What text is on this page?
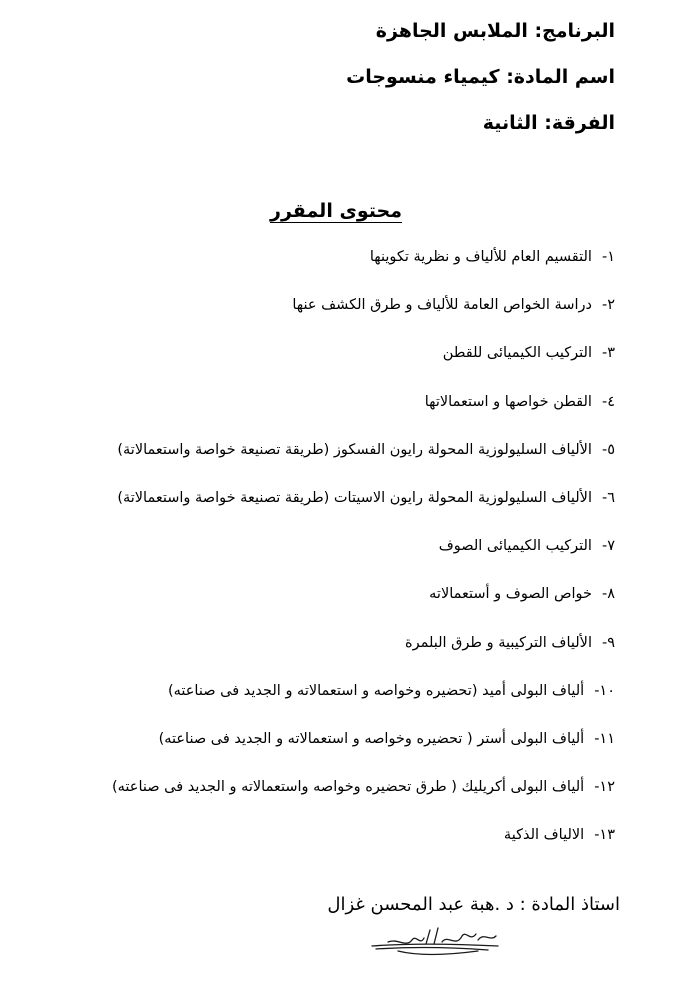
البرنامج: الملابس الجاهزة
اسم المادة: كيمياء منسوجات
الفرقة: الثانية
محتوى المقرر
١-التقسيم العام للألياف و نظرية تكوينها
٢-دراسة الخواص العامة للألياف و طرق الكشف عنها
٣-التركيب الكيميائى للقطن
٤-القطن خواصها و استعمالاتها
٥-الألياف السليولوزية المحولة رايون الفسكوز (طريقة تصنيعة خواصة واستعمالاتة)
٦-الألياف السليولوزية المحولة رايون الاسيتات (طريقة تصنيعة خواصة واستعمالاتة)
٧-التركيب الكيميائى الصوف
٨-خواص الصوف و أستعمالاته
٩-الألياف التركيبية و طرق البلمرة
١٠-ألياف البولى أميد (تحضيره وخواصه و استعمالاته و الجديد فى صناعته)
١١-ألياف البولى أستر ( تحضيره وخواصه و استعمالاته و الجديد فى صناعته)
١٢-ألياف البولى أكريليك ( طرق تحضيره وخواصه واستعمالاته و الجديد فى صناعته)
١٣-الالياف الذكية
استاذ المادة : د .هبة عبد المحسن غزال
